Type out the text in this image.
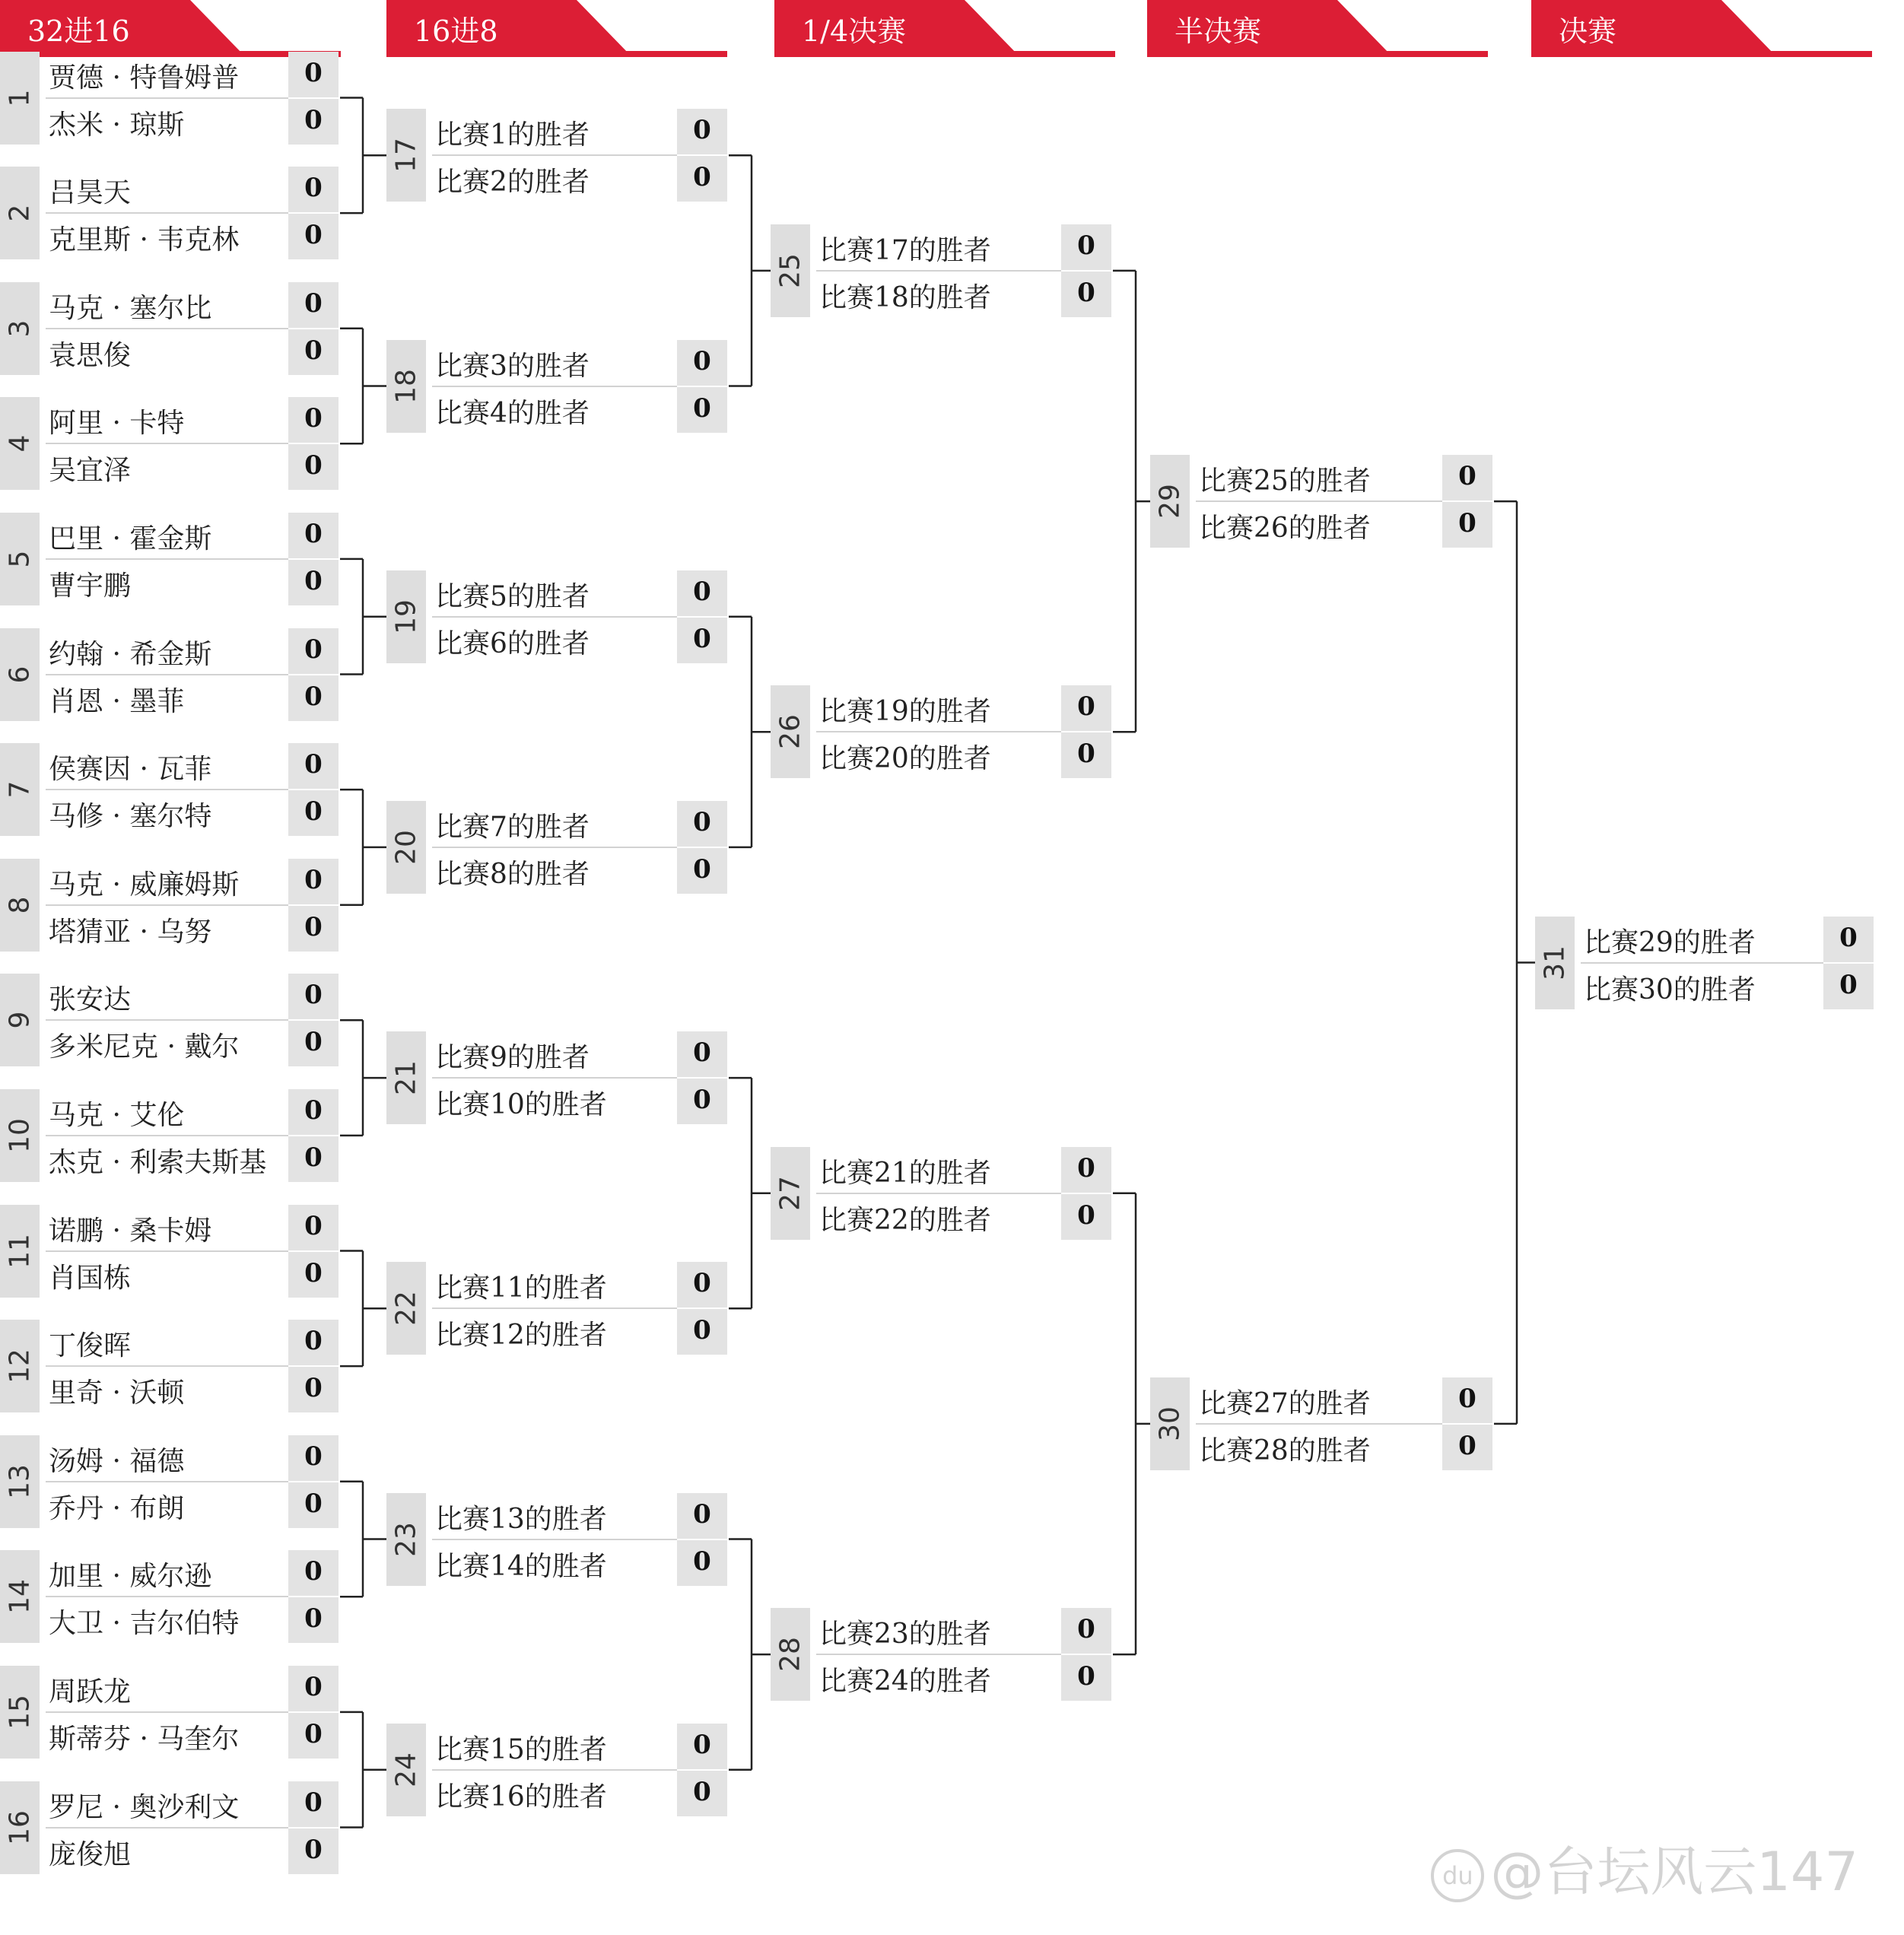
32进16	16进8	1/4决赛	半决赛	决赛
1
贾德 · 特鲁姆普	0
杰米 · 琼斯	0
2
吕昊天	0
克里斯 · 韦克林	0
3
马克 · 塞尔比	0
袁思俊	0
4
阿里 · 卡特	0
吴宜泽	0
5
巴里 · 霍金斯	0
曹宇鹏	0
6
约翰 · 希金斯	0
肖恩 · 墨菲	0
7
侯赛因 · 瓦菲	0
马修 · 塞尔特	0
8
马克 · 威廉姆斯	0
塔猜亚 · 乌努	0
9
张安达	0
多米尼克 · 戴尔	0
10
马克 · 艾伦	0
杰克 · 利索夫斯基	0
11
诺鹏 · 桑卡姆	0
肖国栋	0
12
丁俊晖	0
里奇 · 沃顿	0
13
汤姆 · 福德	0
乔丹 · 布朗	0
14
加里 · 威尔逊	0
大卫 · 吉尔伯特	0
15
周跃龙	0
斯蒂芬 · 马奎尔	0
16
罗尼 · 奥沙利文	0
庞俊旭	0
17
比赛1的胜者	0
比赛2的胜者	0
18
比赛3的胜者	0
比赛4的胜者	0
19
比赛5的胜者	0
比赛6的胜者	0
20
比赛7的胜者	0
比赛8的胜者	0
21
比赛9的胜者	0
比赛10的胜者	0
22
比赛11的胜者	0
比赛12的胜者	0
23
比赛13的胜者	0
比赛14的胜者	0
24
比赛15的胜者	0
比赛16的胜者	0
25
比赛17的胜者	0
比赛18的胜者	0
26
比赛19的胜者	0
比赛20的胜者	0
27
比赛21的胜者	0
比赛22的胜者	0
28
比赛23的胜者	0
比赛24的胜者	0
29
比赛25的胜者	0
比赛26的胜者	0
30
比赛27的胜者	0
比赛28的胜者	0
31
比赛29的胜者	0
比赛30的胜者	0
du @台坛风云147
